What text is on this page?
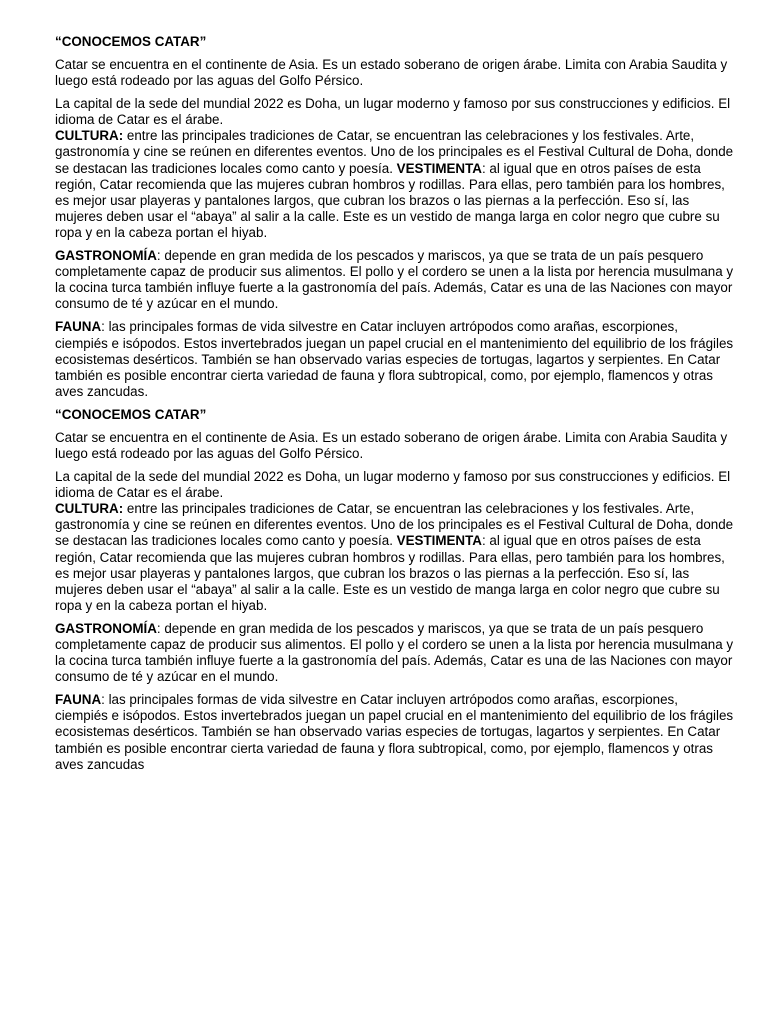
“CONOCEMOS CATAR”

Catar se encuentra en el continente de Asia. Es un estado soberano de origen árabe. Limita con Arabia Saudita y luego está rodeado por las aguas del Golfo Pérsico.

La capital de la sede del mundial 2022 es Doha, un lugar moderno y famoso por sus construcciones y edificios. El idioma de Catar es el árabe.

CULTURA: entre las principales tradiciones de Catar, se encuentran las celebraciones y los festivales. Arte, gastronomía y cine se reúnen en diferentes eventos. Uno de los principales es el Festival Cultural de Doha, donde se destacan las tradiciones locales como canto y poesía. VESTIMENTA: al igual que en otros países de esta región, Catar recomienda que las mujeres cubran hombros y rodillas. Para ellas, pero también para los hombres, es mejor usar playeras y pantalones largos, que cubran los brazos o las piernas a la perfección. Eso sí, las mujeres deben usar el “abaya” al salir a la calle. Este es un vestido de manga larga en color negro que cubre su ropa y en la cabeza portan el hiyab.

GASTRONOMÍA: depende en gran medida de los pescados y mariscos, ya que se trata de un país pesquero completamente capaz de producir sus alimentos. El pollo y el cordero se unen a la lista por herencia musulmana y la cocina turca también influye fuerte a la gastronomía del país. Además, Catar es una de las Naciones con mayor consumo de té y azúcar en el mundo.

FAUNA: las principales formas de vida silvestre en Catar incluyen artrópodos como arañas, escorpiones, ciempiés e isópodos. Estos invertebrados juegan un papel crucial en el mantenimiento del equilibrio de los frágiles ecosistemas desérticos. También se han observado varias especies de tortugas, lagartos y serpientes. En Catar también es posible encontrar cierta variedad de fauna y flora subtropical, como, por ejemplo, flamencos y otras aves zancudas.

“CONOCEMOS CATAR”

Catar se encuentra en el continente de Asia. Es un estado soberano de origen árabe. Limita con Arabia Saudita y luego está rodeado por las aguas del Golfo Pérsico.

La capital de la sede del mundial 2022 es Doha, un lugar moderno y famoso por sus construcciones y edificios. El idioma de Catar es el árabe.

CULTURA: entre las principales tradiciones de Catar, se encuentran las celebraciones y los festivales. Arte, gastronomía y cine se reúnen en diferentes eventos. Uno de los principales es el Festival Cultural de Doha, donde se destacan las tradiciones locales como canto y poesía. VESTIMENTA: al igual que en otros países de esta región, Catar recomienda que las mujeres cubran hombros y rodillas. Para ellas, pero también para los hombres, es mejor usar playeras y pantalones largos, que cubran los brazos o las piernas a la perfección. Eso sí, las mujeres deben usar el “abaya” al salir a la calle. Este es un vestido de manga larga en color negro que cubre su ropa y en la cabeza portan el hiyab.

GASTRONOMÍA: depende en gran medida de los pescados y mariscos, ya que se trata de un país pesquero completamente capaz de producir sus alimentos. El pollo y el cordero se unen a la lista por herencia musulmana y la cocina turca también influye fuerte a la gastronomía del país. Además, Catar es una de las Naciones con mayor consumo de té y azúcar en el mundo.

FAUNA: las principales formas de vida silvestre en Catar incluyen artrópodos como arañas, escorpiones, ciempiés e isópodos. Estos invertebrados juegan un papel crucial en el mantenimiento del equilibrio de los frágiles ecosistemas desérticos. También se han observado varias especies de tortugas, lagartos y serpientes. En Catar también es posible encontrar cierta variedad de fauna y flora subtropical, como, por ejemplo, flamencos y otras aves zancudas
